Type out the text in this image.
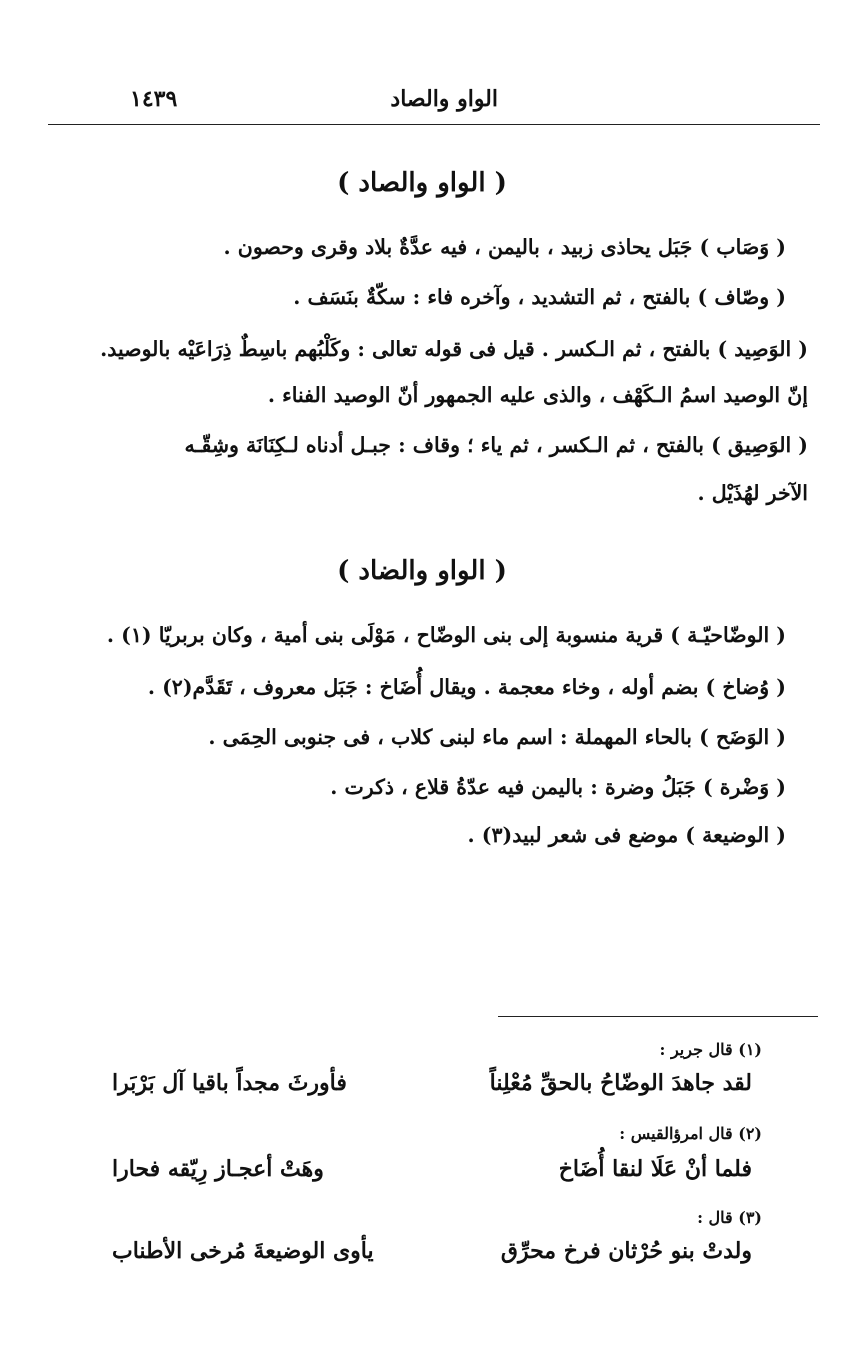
الواو والصاد
١٤٣٩
( الواو والصاد )
( وَصَاب ) جَبَل يحاذى زبيد ، باليمن ، فيه عدَّةٌ بلاد وقرى وحصون .
( وصّاف ) بالفتح ، ثم التشديد ، وآخره فاء : سكّةٌ بنَسَف .
( الوَصِيد ) بالفتح ، ثم الـكسر . قيل فى قوله تعالى : وكَلْبُهم باسِطٌ ذِرَاعَيْه بالوصيد.
إنّ الوصيد اسمُ الـكَهْف ، والذى عليه الجمهور أنّ الوصيد الفناء .
( الوَصِيق ) بالفتح ، ثم الـكسر ، ثم ياء ؛ وقاف : جبـل أدناه لـكِنَانَة وشِقّـه
الآخر لهُذَيْل .
( الواو والضاد )
( الوضّاحيّـة ) قرية منسوبة إلى بنى الوضّاح ، مَوْلَى بنى أمية ، وكان بربريّا (١) .
( وُضاخ ) بضم أوله ، وخاء معجمة . ويقال أُضَاخ : جَبَل معروف ، تَقَدَّم(٢) .
( الوَضَح ) بالحاء المهملة : اسم ماء لبنى كلاب ، فى جنوبى الحِمَى .
( وَضْرة ) جَبَلُ وضرة : باليمن فيه عدّةُ قلاع ، ذكرت .
( الوضيعة ) موضع فى شعر لبيد(٣) .
(١) قال جرير :
لقد جاهدَ الوضّاحُ بالحقِّ مُعْلِناً
فأورثَ مجداً باقيا آل بَرْبَرا
(٢) قال امرؤالقيس :
فلما أنْ عَلَا لنقا أُضَاخ
وهَتْ أعجـاز رِيّقه فحارا
(٣) قال :
ولدتْ بنو حُرْثان فرخ محرِّق
يأوى الوضيعةَ مُرخى الأطناب
